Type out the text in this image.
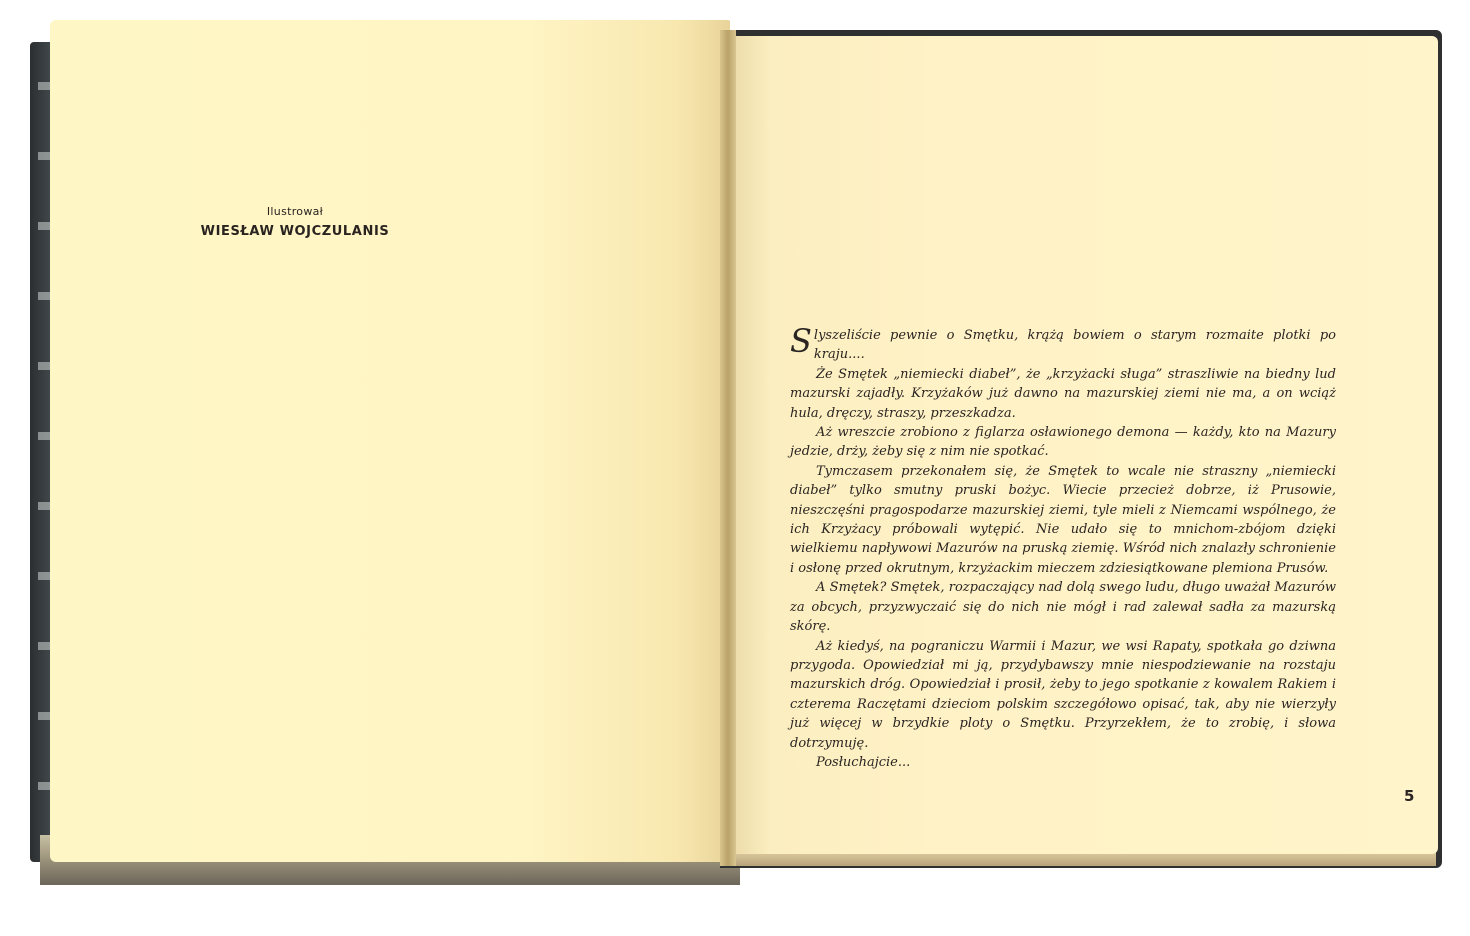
Ilustrował
WIESŁAW WOJCZULANIS

Slyszeliście pewnie o Smętku, krążą bowiem o starym rozmaite plotki po kraju....

Że Smętek „niemiecki diabeł”, że „krzyżacki sługa” straszliwie na biedny lud mazurski zajadły. Krzyżaków już dawno na mazurskiej ziemi nie ma, a on wciąż hula, dręczy, straszy, przeszkadza.

Aż wreszcie zrobiono z figlarza osławionego demona — każdy, kto na Mazury jedzie, drży, żeby się z nim nie spotkać.

Tymczasem przekonałem się, że Smętek to wcale nie straszny „niemiecki diabeł” tylko smutny pruski bożyc. Wiecie przecież dobrze, iż Prusowie, nieszczęśni pragospodarze mazurskiej ziemi, tyle mieli z Niemcami wspólnego, że ich Krzyżacy próbowali wytępić. Nie udało się to mnichom-zbójom dzięki wielkiemu napływowi Mazurów na pruską ziemię. Wśród nich znalazły schronienie i osłonę przed okrutnym, krzyżackim mieczem zdziesiątkowane plemiona Prusów.

A Smętek? Smętek, rozpaczający nad dolą swego ludu, długo uważał Mazurów za obcych, przyzwyczaić się do nich nie mógł i rad zalewał sadła za mazurską skórę.

Aż kiedyś, na pograniczu Warmii i Mazur, we wsi Rapaty, spotkała go dziwna przygoda. Opowiedział mi ją, przydybawszy mnie niespodziewanie na rozstaju mazurskich dróg. Opowiedział i prosił, żeby to jego spotkanie z kowalem Rakiem i czterema Raczętami dzieciom polskim szczegółowo opisać, tak, aby nie wierzyły już więcej w brzydkie ploty o Smętku. Przyrzekłem, że to zrobię, i słowa dotrzymuję.

Posłuchajcie...

5
